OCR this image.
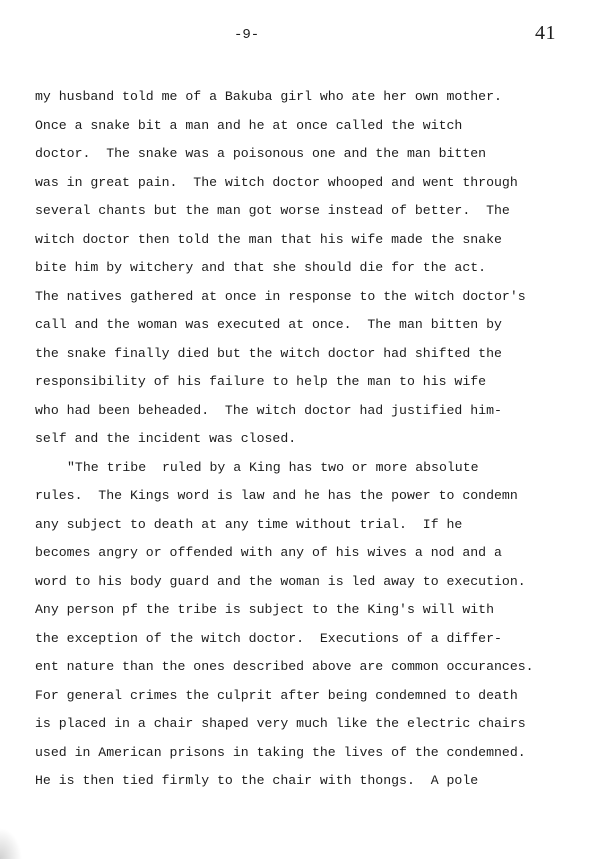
-9-	41
my husband told me of a Bakuba girl who ate her own mother.
Once a snake bit a man and he at once called the witch
doctor.  The snake was a poisonous one and the man bitten
was in great pain.  The witch doctor whooped and went through
several chants but the man got worse instead of better.  The
witch doctor then told the man that his wife made the snake
bite him by witchery and that she should die for the act.
The natives gathered at once in response to the witch doctor's
call and the woman was executed at once.  The man bitten by
the snake finally died but the witch doctor had shifted the
responsibility of his failure to help the man to his wife
who had been beheaded.  The witch doctor had justified him-
self and the incident was closed.
"The tribe  ruled by a King has two or more absolute
rules.  The Kings word is law and he has the power to condemn
any subject to death at any time without trial.  If he
becomes angry or offended with any of his wives a nod and a
word to his body guard and the woman is led away to execution.
Any person pf the tribe is subject to the King's will with
the exception of the witch doctor.  Executions of a differ-
ent nature than the ones described above are common occurances.
For general crimes the culprit after being condemned to death
is placed in a chair shaped very much like the electric chairs
used in American prisons in taking the lives of the condemned.
He is then tied firmly to the chair with thongs.  A pole
